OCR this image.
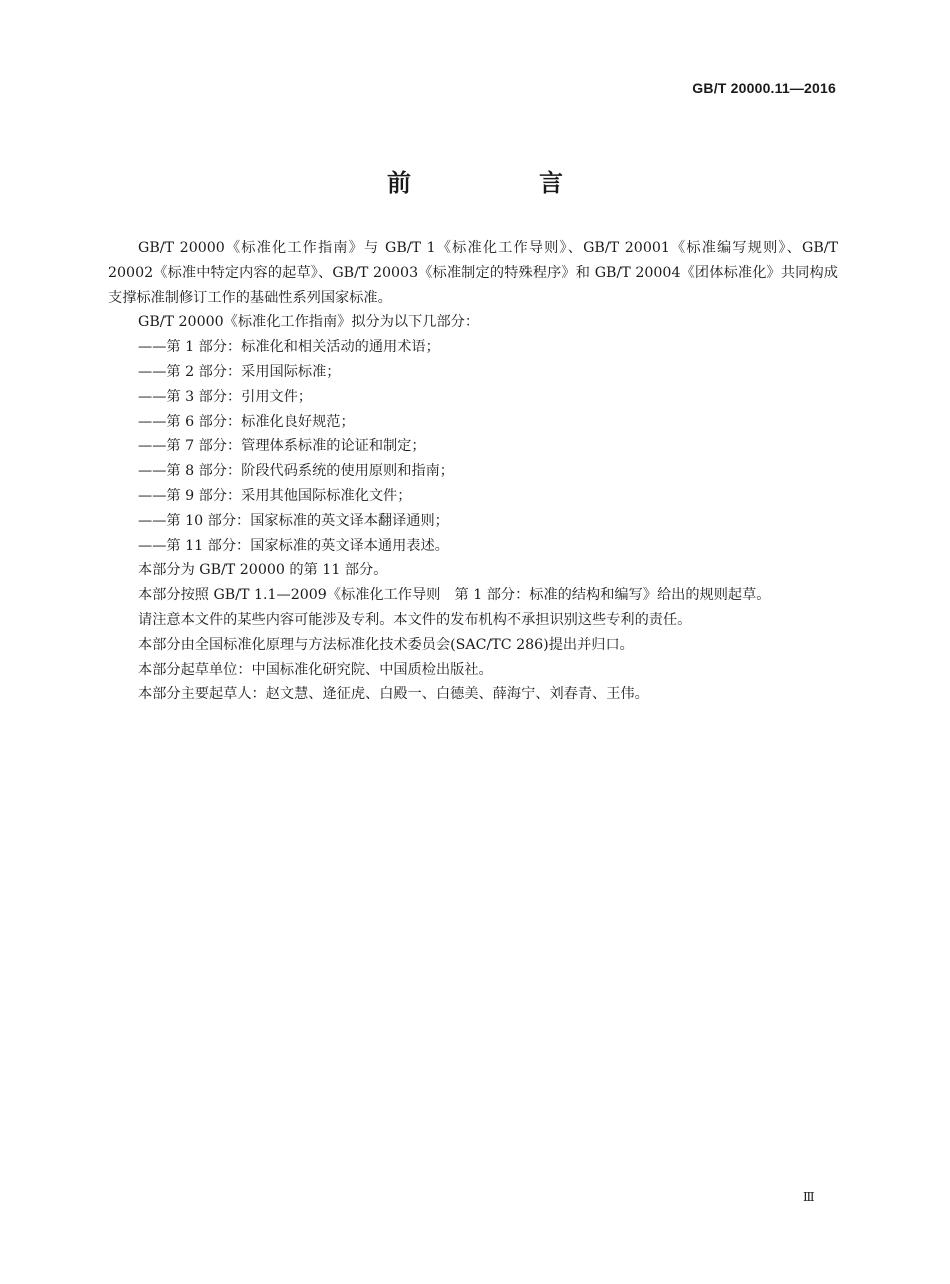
GB/T 20000.11—2016
前　言

GB/T 20000《标准化工作指南》与 GB/T 1《标准化工作导则》、GB/T 20001《标准编写规则》、GB/T 20002《标准中特定内容的起草》、GB/T 20003《标准制定的特殊程序》和 GB/T 20004《团体标准化》共同构成支撑标准制修订工作的基础性系列国家标准。

GB/T 20000《标准化工作指南》拟分为以下几部分：

——第 1 部分：标准化和相关活动的通用术语；

——第 2 部分：采用国际标准；

——第 3 部分：引用文件；

——第 6 部分：标准化良好规范；

——第 7 部分：管理体系标准的论证和制定；

——第 8 部分：阶段代码系统的使用原则和指南；

——第 9 部分：采用其他国际标准化文件；

——第 10 部分：国家标准的英文译本翻译通则；

——第 11 部分：国家标准的英文译本通用表述。

本部分为 GB/T 20000 的第 11 部分。

本部分按照 GB/T 1.1—2009《标准化工作导则　第 1 部分：标准的结构和编写》给出的规则起草。

请注意本文件的某些内容可能涉及专利。本文件的发布机构不承担识别这些专利的责任。

本部分由全国标准化原理与方法标准化技术委员会(SAC/TC 286)提出并归口。

本部分起草单位：中国标准化研究院、中国质检出版社。

本部分主要起草人：赵文慧、逄征虎、白殿一、白德美、薛海宁、刘春青、王伟。

Ⅲ
